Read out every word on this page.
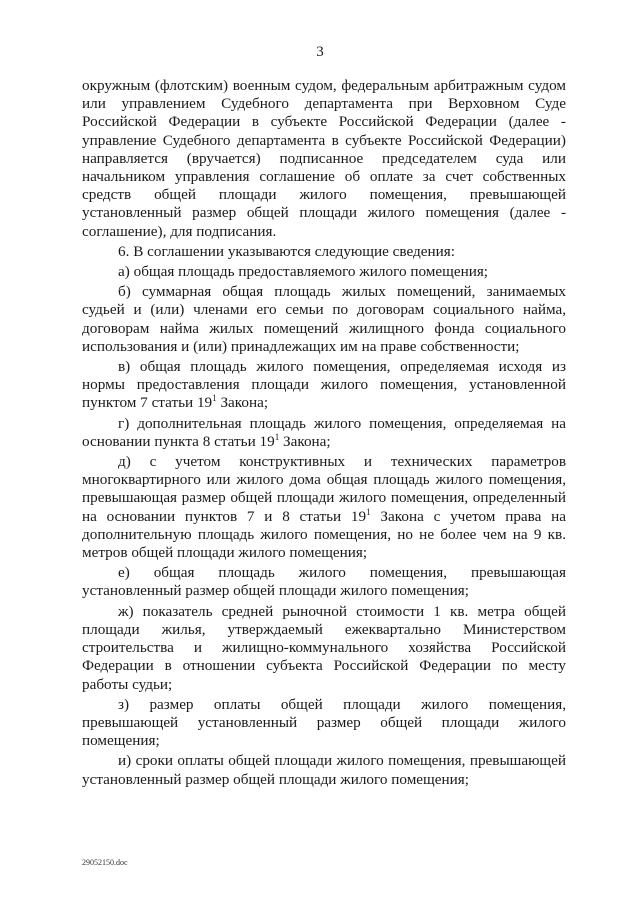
3

окружным (флотским) военным судом, федеральным арбитражным судом или управлением Судебного департамента при Верховном Суде Российской Федерации в субъекте Российской Федерации (далее - управление Судебного департамента в субъекте Российской Федерации) направляется (вручается) подписанное председателем суда или начальником управления соглашение об оплате за счет собственных средств общей площади жилого помещения, превышающей установленный размер общей площади жилого помещения (далее - соглашение), для подписания.

6. В соглашении указываются следующие сведения:

а) общая площадь предоставляемого жилого помещения;

б) суммарная общая площадь жилых помещений, занимаемых судьей и (или) членами его семьи по договорам социального найма, договорам найма жилых помещений жилищного фонда социального использования и (или) принадлежащих им на праве собственности;

в) общая площадь жилого помещения, определяемая исходя из нормы предоставления площади жилого помещения, установленной пунктом 7 статьи $19^1$ Закона;

г) дополнительная площадь жилого помещения, определяемая на основании пункта 8 статьи $19^1$ Закона;

д) с учетом конструктивных и технических параметров многоквартирного или жилого дома общая площадь жилого помещения, превышающая размер общей площади жилого помещения, определенный на основании пунктов 7 и 8 статьи $19^1$ Закона с учетом права на дополнительную площадь жилого помещения, но не более чем на 9 кв. метров общей площади жилого помещения;

е) общая площадь жилого помещения, превышающая установленный размер общей площади жилого помещения;

ж) показатель средней рыночной стоимости 1 кв. метра общей площади жилья, утверждаемый ежеквартально Министерством строительства и жилищно-коммунального хозяйства Российской Федерации в отношении субъекта Российской Федерации по месту работы судьи;

з) размер оплаты общей площади жилого помещения, превышающей установленный размер общей площади жилого помещения;

и) сроки оплаты общей площади жилого помещения, превышающей установленный размер общей площади жилого помещения;

29052150.doc
